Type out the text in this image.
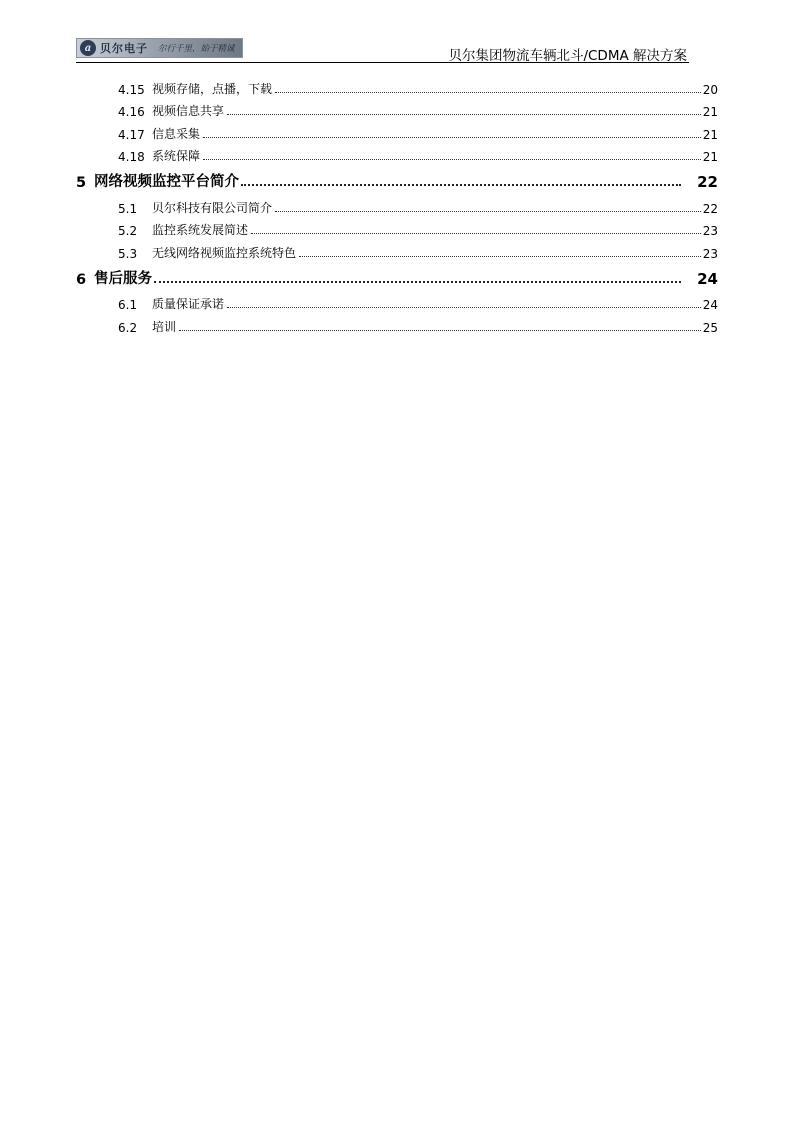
a 贝尔电子 尔行千里，始于精诚	贝尔集团物流车辆北斗/CDMA 解决方案
4.15 视频存储，点播，下载	20
4.16 视频信息共享	21
4.17 信息采集	21
4.18 系统保障	21
5 网络视频监控平台简介	22
5.1	贝尔科技有限公司简介	22
5.2	监控系统发展简述	23
5.3	无线网络视频监控系统特色	23
6 售后服务	24
6.1	质量保证承诺	24
6.2	培训	25
